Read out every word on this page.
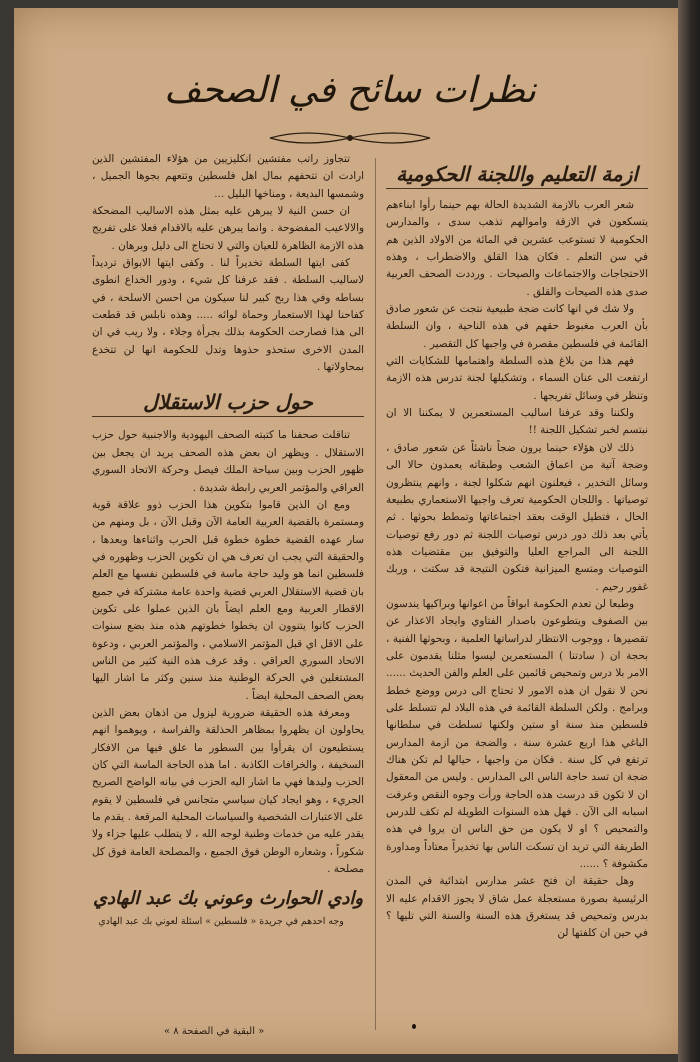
نظرات سائح في الصحف
ازمة التعليم واللجنة الحكومية

شعر العرب بالازمة الشديدة الحالة بهم حينما رأوا ابناءهم يتسكعون في الازقة واموالهم تذهب سدى ، والمدارس الحكومية لا تستوعب عشرين في المائة من الاولاد الذين هم في سن التعلم . فكان هذا القلق والاضطراب ، وهذه الاحتجاجات والاجتماعات والصيحات . ورددت الصحف العربية صدى هذه الصيحات والقلق .

ولا شك في انها كانت ضجة طبيعية نتجت عن شعور صادق بأن العرب مغبوط حقهم في هذه الناحية ، وان السلطة القائمة في فلسطين مقصرة في واجبها كل التقصير .

فهم هذا من بلاغ هذه السلطة واهتمامها للشكايات التي ارتفعت الى عنان السماء ، وتشكيلها لجنة تدرس هذه الازمة وتنظر في وسائل تفريجها .

ولكننا وقد عرفنا اساليب المستعمرين لا يمكننا الا ان نبتسم لخبر تشكيل اللجنة !!

ذلك لان هؤلاء حينما يرون ضجاً ناشئاً عن شعور صادق ، وضجة آتية من اعماق الشعب وطبقاته يعمدون حالا الى وسائل التخدير ، فيعلنون انهم شكلوا لجنة ، وانهم ينتظرون توصياتها . واللجان الحكومية تعرف واجبها الاستعماري بطبيعة الحال ، فتطيل الوقت بعقد اجتماعاتها وتمطط بحوثها . ثم يأتي بعد ذلك دور درس توصيات اللجنة ثم دور رفع توصيات اللجنة الى المراجع العليا والتوفيق بين مقتضيات هذه التوصيات ومتسع الميزانية فتكون النتيجة قد سكتت ، وربك غفور رحيم .

وطبعا لن تعدم الحكومة ابواقاً من اعوانها وبراكيها يندسون بين الصفوف ويتطوعون باصدار الفتاوي وايجاد الاعذار عن تقصيرها ، ووجوب الانتظار لدراساتها العلمية ، وبحوثها الفنية ، بحجة ان ( سادتنا ) المستعمرين ليسوا مثلنا يقدمون على الامر بلا درس وتمحيص قائمين على العلم والفن الحديث ...... نحن لا نقول ان هذه الامور لا تحتاج الى درس ووضع خطط وبرامج . ولكن السلطة القائمة في هذه البلاد لم تتسلط على فلسطين منذ سنة او ستين ولكنها تسلطت في سلطانها الباغي هذا اربع عشرة سنة ، والضجة من ازمة المدارس ترتفع في كل سنة . فكان من واجبها ، حيالها لم تكن هناك ضجة ان تسد حاجة الناس الى المدارس . وليس من المعقول ان لا تكون قد درست هذه الحاجة ورأت وجوه النقص وعرفت اسبابه الى الآن . فهل هذه السنوات الطويلة لم تكف للدرس والتمحيص ؟ او لا يكون من حق الناس ان يروا في هذه الطريقة التي تريد ان تسكت الناس بها تخديراً معتاداً ومداورة مكشوفة ؟ ......

وهل حقيقة ان فتح عشر مدارس ابتدائية في المدن الرئيسية بصورة مستعجلة عمل شاق لا يجوز الاقدام عليه الا بدرس وتمحيص قد يستغرق هذه السنة والسنة التي تليها ؟ في حين ان كلفتها لن

تتجاوز راتب مفتشين انكليزيين من هؤلاء المفتشين الذين ارادت ان تتحفهم بمال اهل فلسطين وتتعهم بجوها الجميل ، وشمسها البديعة ، ومناخها البليل ...

ان حسن النية لا يبرهن عليه بمثل هذه الاساليب المضحكة والالاعيب المفضوحة . وانما يبرهن عليه بالاقدام فعلا على تفريج هذه الازمة الظاهرة للعيان والتي لا تحتاج الى دليل وبرهان .

كفى ايتها السلطة تخديراً لنا . وكفى ايتها الابواق ترديداً لاساليب السلطة . فقد عرفنا كل شيء ، ودور الخداع انطوى بساطه وفي هذا ربح كبير لنا سيكون من احسن الاسلحة ، في كفاحنا لهذا الاستعمار وحماة لوائه ..... وهذه نابلس قد قطعت الى هذا فصارحت الحكومة بذلك بجرأة وجلاء ، ولا ريب في ان المدن الاخرى ستحذو حذوها وتدل للحكومة انها لن تتخدع بمحاولاتها .

حول حزب الاستقلال

تناقلت صحفنا ما كتبته الصحف اليهودية والاجنبية حول حزب الاستقلال . ويظهر ان بعض هذه الصحف يريد ان يجعل بين ظهور الحزب وبين سياحة الملك فيصل وحركة الاتحاد السوري العراقي والمؤتمر العربي رابطة شديدة .

ومع ان الذين قاموا بتكوين هذا الحزب ذوو علاقة قوية ومستمرة بالقضية العربية العامة الآن وقبل الآن ، بل ومنهم من سار عهده القضية خطوة خطوة قبل الحرب واثناءها وبعدها ، والحقيقة التي يجب ان تعرف هي ان تكوين الحزب وظهوره في فلسطين انما هو وليد حاجة ماسة في فلسطين نفسها مع العلم بان قضية الاستقلال العربي قضية واحدة عامة مشتركة في جميع الاقطار العربية ومع العلم ايضاً بان الذين عملوا على تكوين الحزب كانوا يتنوون ان يخطوا خطوتهم هذه منذ بضع سنوات على الاقل اي قبل المؤتمر الاسلامي ، والمؤتمر العربي ، ودعوة الاتحاد السوري العراقي . وقد عرف هذه النية كثير من الناس المشتغلين في الحركة الوطنية منذ سنين وكثر ما اشار اليها بعض الصحف المحلية ايضاً .

ومعرفة هذه الحقيقة ضرورية ليزول من اذهان بعض الذين يحاولون ان يظهروا بمظاهر الحذلقة والفراسة ، ويوهموا انهم يستطيعون ان يقرأوا بين السطور ما علق فيها من الافكار السخيفة ، والخرافات الكاذبة . اما هذه الحاجة الماسة التي كان الحزب وليدها فهي ما اشار اليه الحزب في بيانه الواضح الصريح الجريء ، وهو ايجاد كيان سياسي متجانس في فلسطين لا يقوم على الاعتبارات الشخصية والسياسات المحلية المرقعة . يقدم ما يقدر عليه من خدمات وطنية لوجه الله ، لا يتطلب عليها جزاء ولا شكوراً ، وشعاره الوطن فوق الجميع ، والمصلحة العامة فوق كل مصلحة .

وادي الحوارث وعوني بك عبد الهادي

وجه احدهم في جريدة « فلسطين » اسئلة لعوني بك عبد الهادي

« البقية في الصفحة ٨ »
